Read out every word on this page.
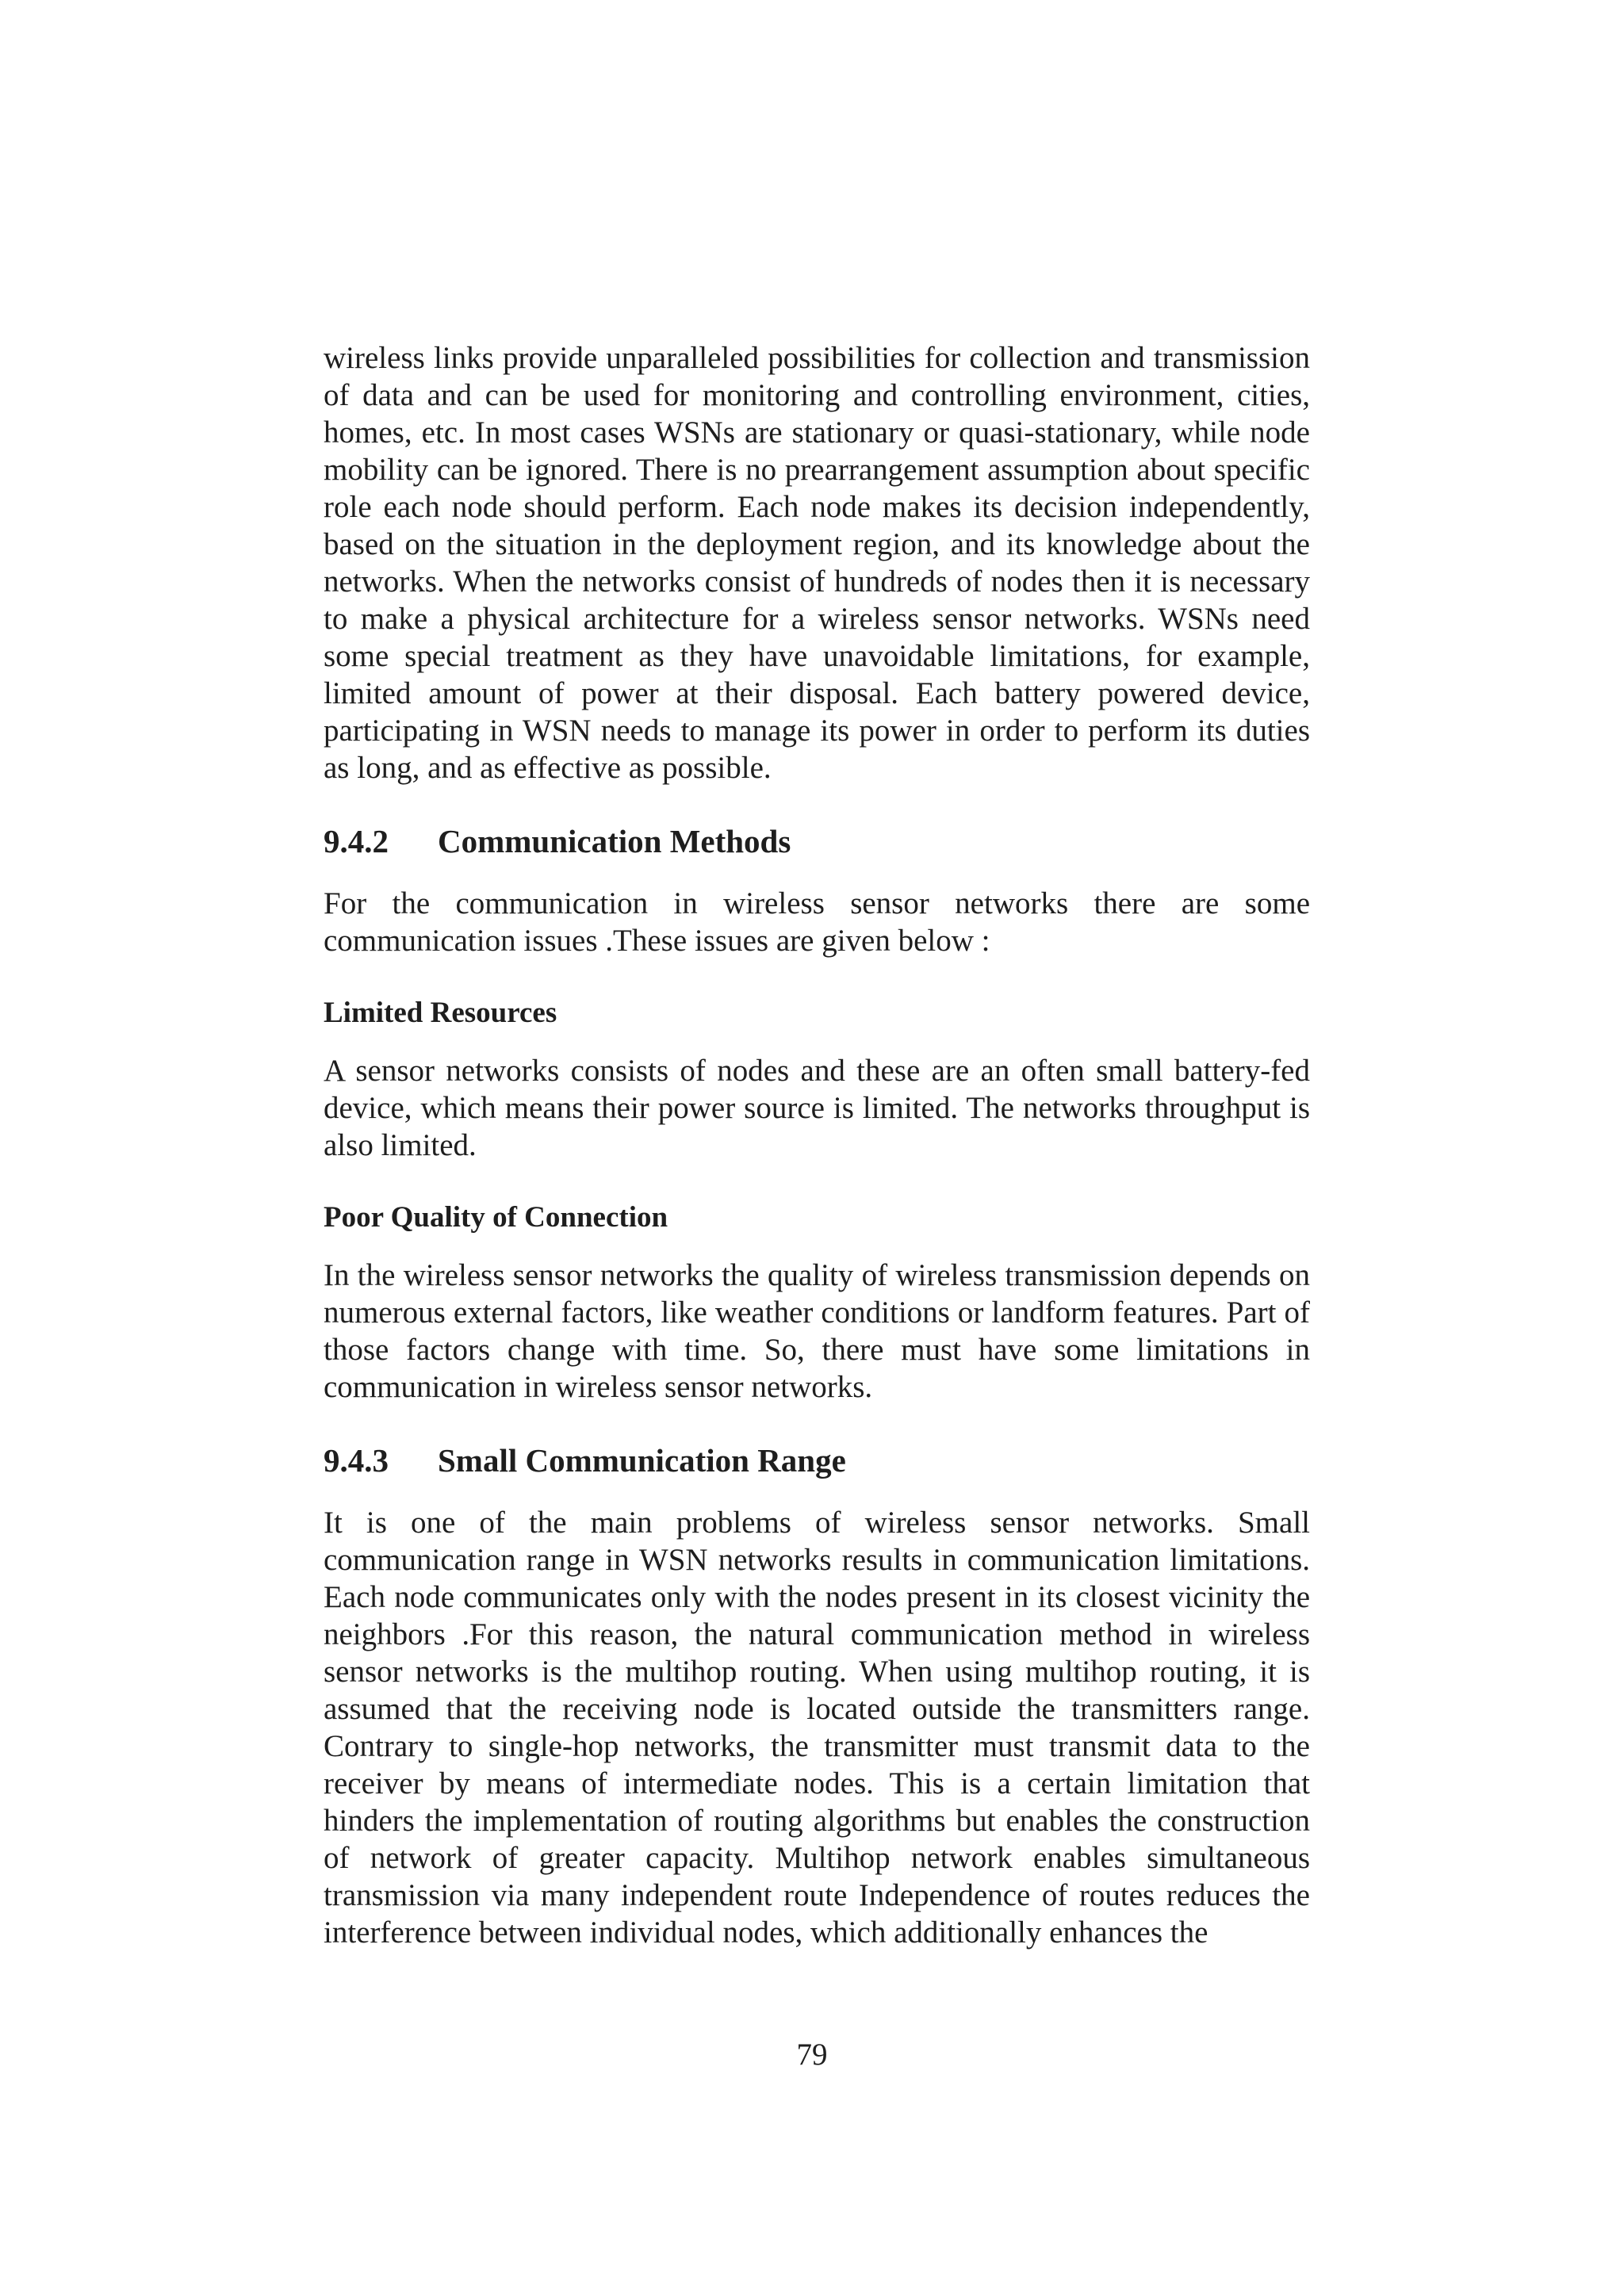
wireless links provide unparalleled possibilities for collection and transmission of data and can be used for monitoring and controlling environment, cities, homes, etc. In most cases WSNs are stationary or quasi-stationary, while node mobility can be ignored. There is no prearrangement assumption about specific role each node should perform. Each node makes its decision independently, based on the situation in the deployment region, and its knowledge about the networks. When the networks consist of hundreds of nodes then it is necessary to make a physical architecture for a wireless sensor networks. WSNs need some special treatment as they have unavoidable limitations, for example, limited amount of power at their disposal. Each battery powered device, participating in WSN needs to manage its power in order to perform its duties as long, and as effective as possible.

9.4.2 Communication Methods

For the communication in wireless sensor networks there are some communication issues .These issues are given below :

Limited Resources

A sensor networks consists of nodes and these are an often small battery-fed device, which means their power source is limited. The networks throughput is also limited.

Poor Quality of Connection

In the wireless sensor networks the quality of wireless transmission depends on numerous external factors, like weather conditions or landform features. Part of those factors change with time. So, there must have some limitations in communication in wireless sensor networks.

9.4.3 Small Communication Range

It is one of the main problems of wireless sensor networks. Small communication range in WSN networks results in communication limitations. Each node communicates only with the nodes present in its closest vicinity the neighbors .For this reason, the natural communication method in wireless sensor networks is the multihop routing. When using multihop routing, it is assumed that the receiving node is located outside the transmitters range. Contrary to single-hop networks, the transmitter must transmit data to the receiver by means of intermediate nodes. This is a certain limitation that hinders the implementation of routing algorithms but enables the construction of network of greater capacity. Multihop network enables simultaneous transmission via many independent route Independence of routes reduces the interference between individual nodes, which additionally enhances the

79
